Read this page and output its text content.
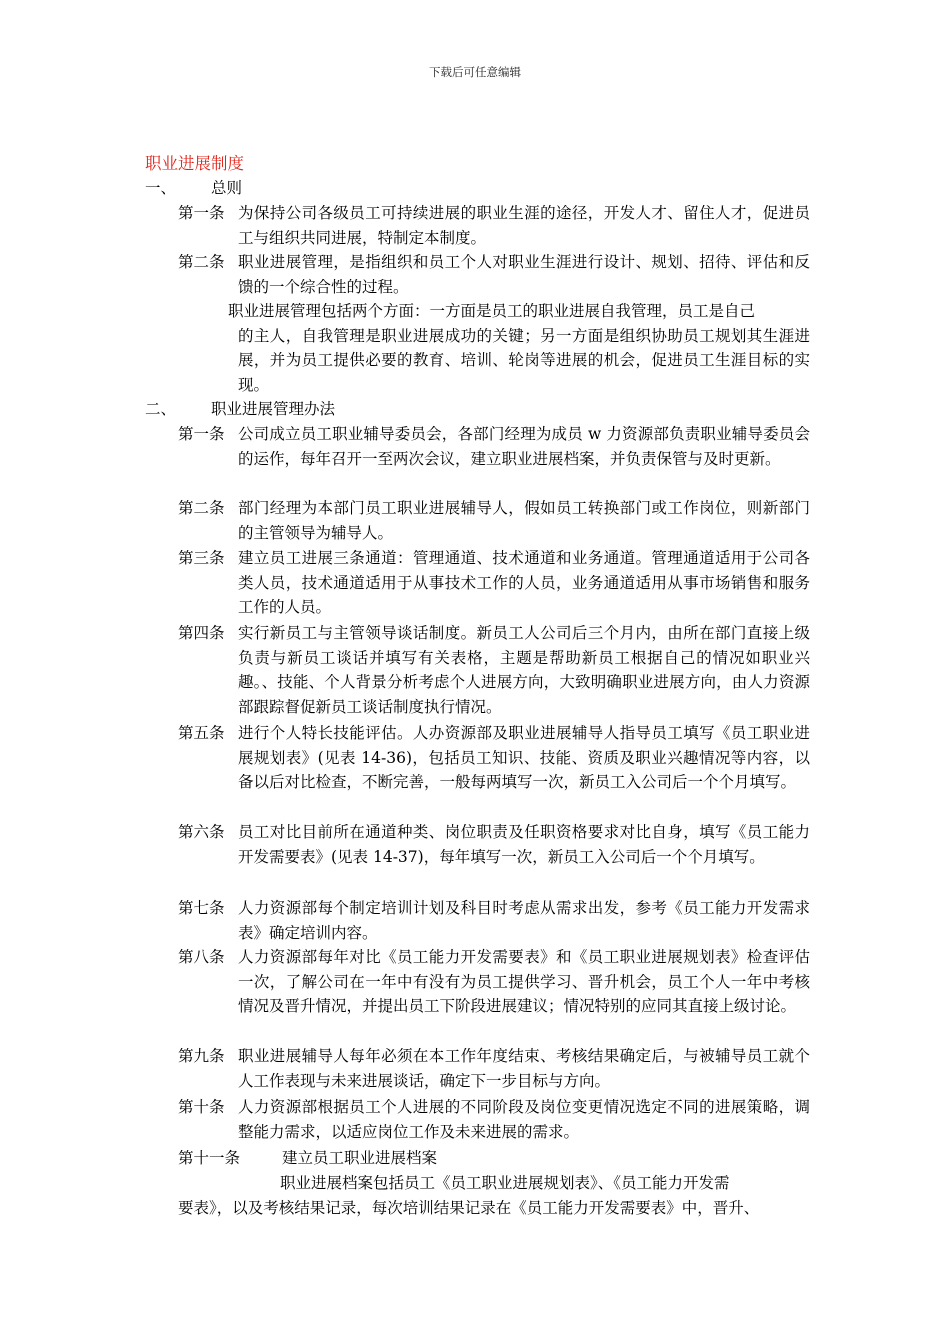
下载后可任意编辑
职业进展制度
一、 总则
第一条 为保持公司各级员工可持续进展的职业生涯的途径，开发人才、留住人才，促进员工与组织共同进展，特制定本制度。
第二条 职业进展管理，是指组织和员工个人对职业生涯进行设计、规划、招待、评估和反馈的一个综合性的过程。
职业进展管理包括两个方面：一方面是员工的职业进展自我管理，员工是自己
的主人，自我管理是职业进展成功的关键；另一方面是组织协助员工规划其生涯进展，并为员工提供必要的教育、培训、轮岗等进展的机会，促进员工生涯目标的实现。
二、 职业进展管理办法
第一条 公司成立员工职业辅导委员会，各部门经理为成员 w 力资源部负责职业辅导委员会的运作，每年召开一至两次会议，建立职业进展档案，并负责保管与及时更新。
第二条 部门经理为本部门员工职业进展辅导人，假如员工转换部门或工作岗位，则新部门的主管领导为辅导人。
第三条 建立员工进展三条通道：管理通道、技术通道和业务通道。管理通道适用于公司各类人员，技术通道适用于从事技术工作的人员，业务通道适用从事市场销售和服务工作的人员。
第四条 实行新员工与主管领导谈话制度。新员工人公司后三个月内，由所在部门直接上级负责与新员工谈话并填写有关表格，主题是帮助新员工根据自己的情况如职业兴趣。、技能、个人背景分析考虑个人进展方向，大致明确职业进展方向，由人力资源部跟踪督促新员工谈话制度执行情况。
第五条 进行个人特长技能评估。人办资源部及职业进展辅导人指导员工填写《员工职业进展规划表》(见表 14-36)，包括员工知识、技能、资质及职业兴趣情况等内容，以备以后对比检查，不断完善，一般每两填写一次，新员工入公司后一个个月填写。
第六条 员工对比目前所在通道种类、岗位职责及任职资格要求对比自身，填写《员工能力开发需要表》(见表 14-37)，每年填写一次，新员工入公司后一个个月填写。
第七条 人力资源部每个制定培训计划及科目时考虑从需求出发，参考《员工能力开发需求表》确定培训内容。
第八条 人力资源部每年对比《员工能力开发需要表》和《员工职业进展规划表》检查评估一次，了解公司在一年中有没有为员工提供学习、晋升机会，员工个人一年中考核情况及晋升情况，并提出员工下阶段进展建议；情况特别的应同其直接上级讨论。
第九条 职业进展辅导人每年必须在本工作年度结束、考核结果确定后，与被辅导员工就个人工作表现与未来进展谈话，确定下一步目标与方向。
第十条 人力资源部根据员工个人进展的不同阶段及岗位变更情况选定不同的进展策略，调整能力需求，以适应岗位工作及未来进展的需求。
第十一条	建立员工职业进展档案
职业进展档案包括员工《员工职业进展规划表》、《员工能力开发需
要表》，以及考核结果记录，每次培训结果记录在《员工能力开发需要表》中，晋升、
